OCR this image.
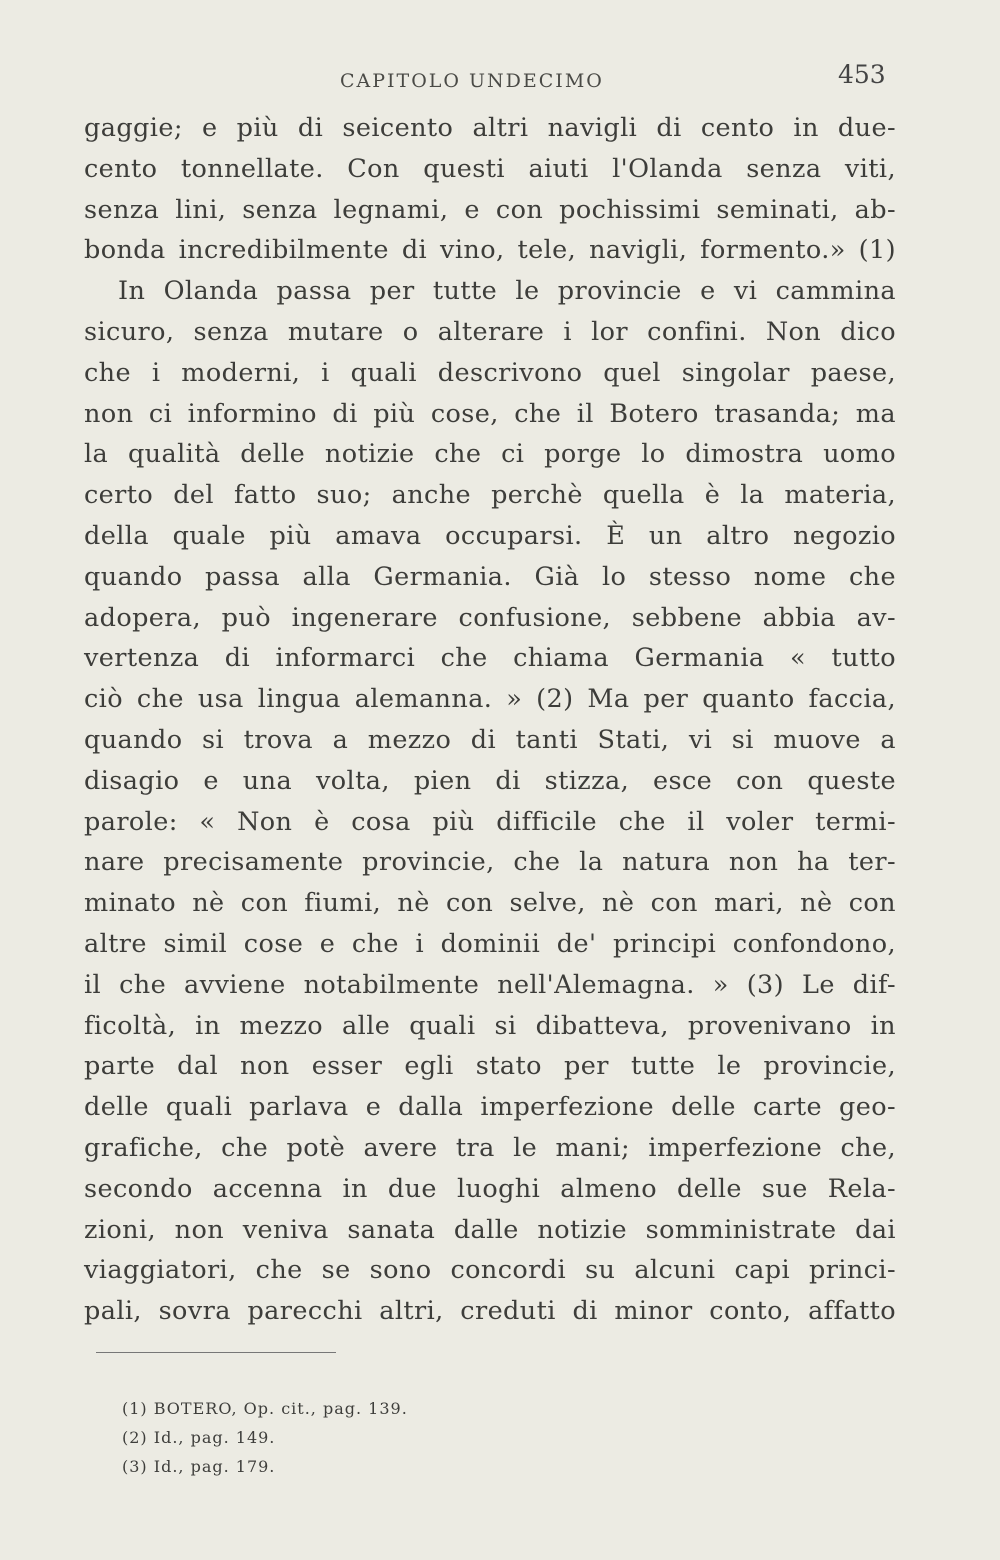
CAPITOLO UNDECIMO	453
gaggie; e più di seicento altri navigli di cento in due-
cento tonnellate. Con questi aiuti l'Olanda senza viti,
senza lini, senza legnami, e con pochissimi seminati, ab-
bonda incredibilmente di vino, tele, navigli, formento.» (1)
In Olanda passa per tutte le provincie e vi cammina
sicuro, senza mutare o alterare i lor confini. Non dico
che i moderni, i quali descrivono quel singolar paese,
non ci informino di più cose, che il Botero trasanda; ma
la qualità delle notizie che ci porge lo dimostra uomo
certo del fatto suo; anche perchè quella è la materia,
della quale più amava occuparsi. È un altro negozio
quando passa alla Germania. Già lo stesso nome che
adopera, può ingenerare confusione, sebbene abbia av-
vertenza di informarci che chiama Germania « tutto
ciò che usa lingua alemanna. » (2) Ma per quanto faccia,
quando si trova a mezzo di tanti Stati, vi si muove a
disagio e una volta, pien di stizza, esce con queste
parole: « Non è cosa più difficile che il voler termi-
nare precisamente provincie, che la natura non ha ter-
minato nè con fiumi, nè con selve, nè con mari, nè con
altre simil cose e che i dominii de' principi confondono,
il che avviene notabilmente nell'Alemagna. » (3) Le dif-
ficoltà, in mezzo alle quali si dibatteva, provenivano in
parte dal non esser egli stato per tutte le provincie,
delle quali parlava e dalla imperfezione delle carte geo-
grafiche, che potè avere tra le mani; imperfezione che,
secondo accenna in due luoghi almeno delle sue Rela-
zioni, non veniva sanata dalle notizie somministrate dai
viaggiatori, che se sono concordi su alcuni capi princi-
pali, sovra parecchi altri, creduti di minor conto, affatto
(1) BOTERO, Op. cit., pag. 139.
(2) Id., pag. 149.
(3) Id., pag. 179.
